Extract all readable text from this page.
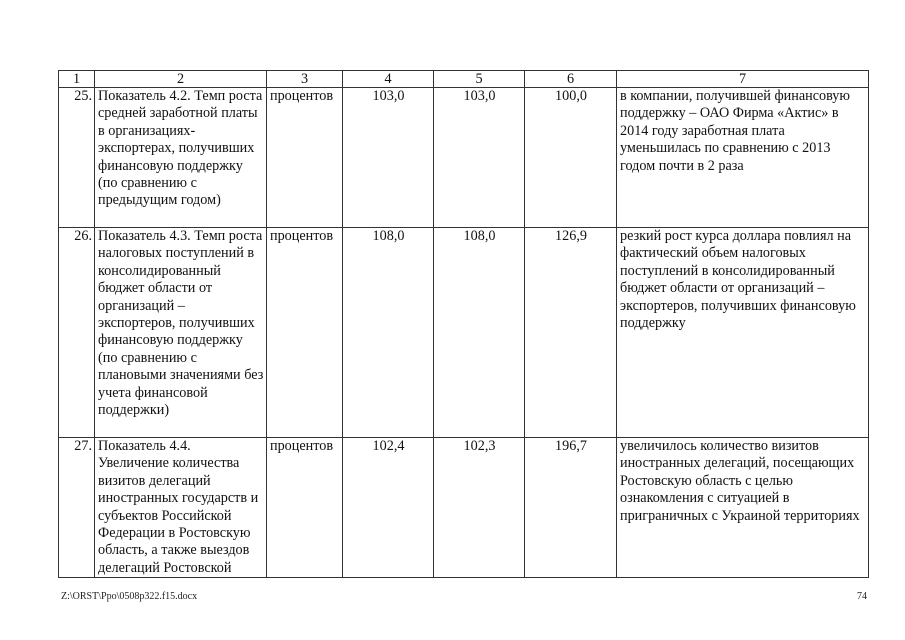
1	2	3	4	5	6	7
25.	Показатель 4.2. Темп роста средней заработной платы в организациях-экспортерах, получивших финансовую поддержку (по сравнению с предыдущим годом)	процентов	103,0	103,0	100,0	в компании, получившей финансовую поддержку – ОАО Фирма «Актис» в 2014 году заработная плата уменьшилась по сравнению с 2013 годом почти в 2 раза
26.	Показатель 4.3. Темп роста налоговых поступлений в консолидированный бюджет области от организаций – экспортеров, получивших финансовую поддержку (по сравнению с плановыми значениями без учета финансовой поддержки)	процентов	108,0	108,0	126,9	резкий рост курса доллара повлиял на фактический объем налоговых поступлений в консолидированный бюджет области от организаций – экспортеров, получивших финансовую поддержку
27.	Показатель 4.4. Увеличение количества визитов делегаций иностранных государств и субъектов Российской Федерации в Ростовскую область, а также выездов делегаций Ростовской	процентов	102,4	102,3	196,7	увеличилось количество визитов иностранных делегаций, посещающих Ростовскую область с целью ознакомления с ситуацией в приграничных с Украиной территориях
Z:\ORST\Ppo\0508p322.f15.docx	74
